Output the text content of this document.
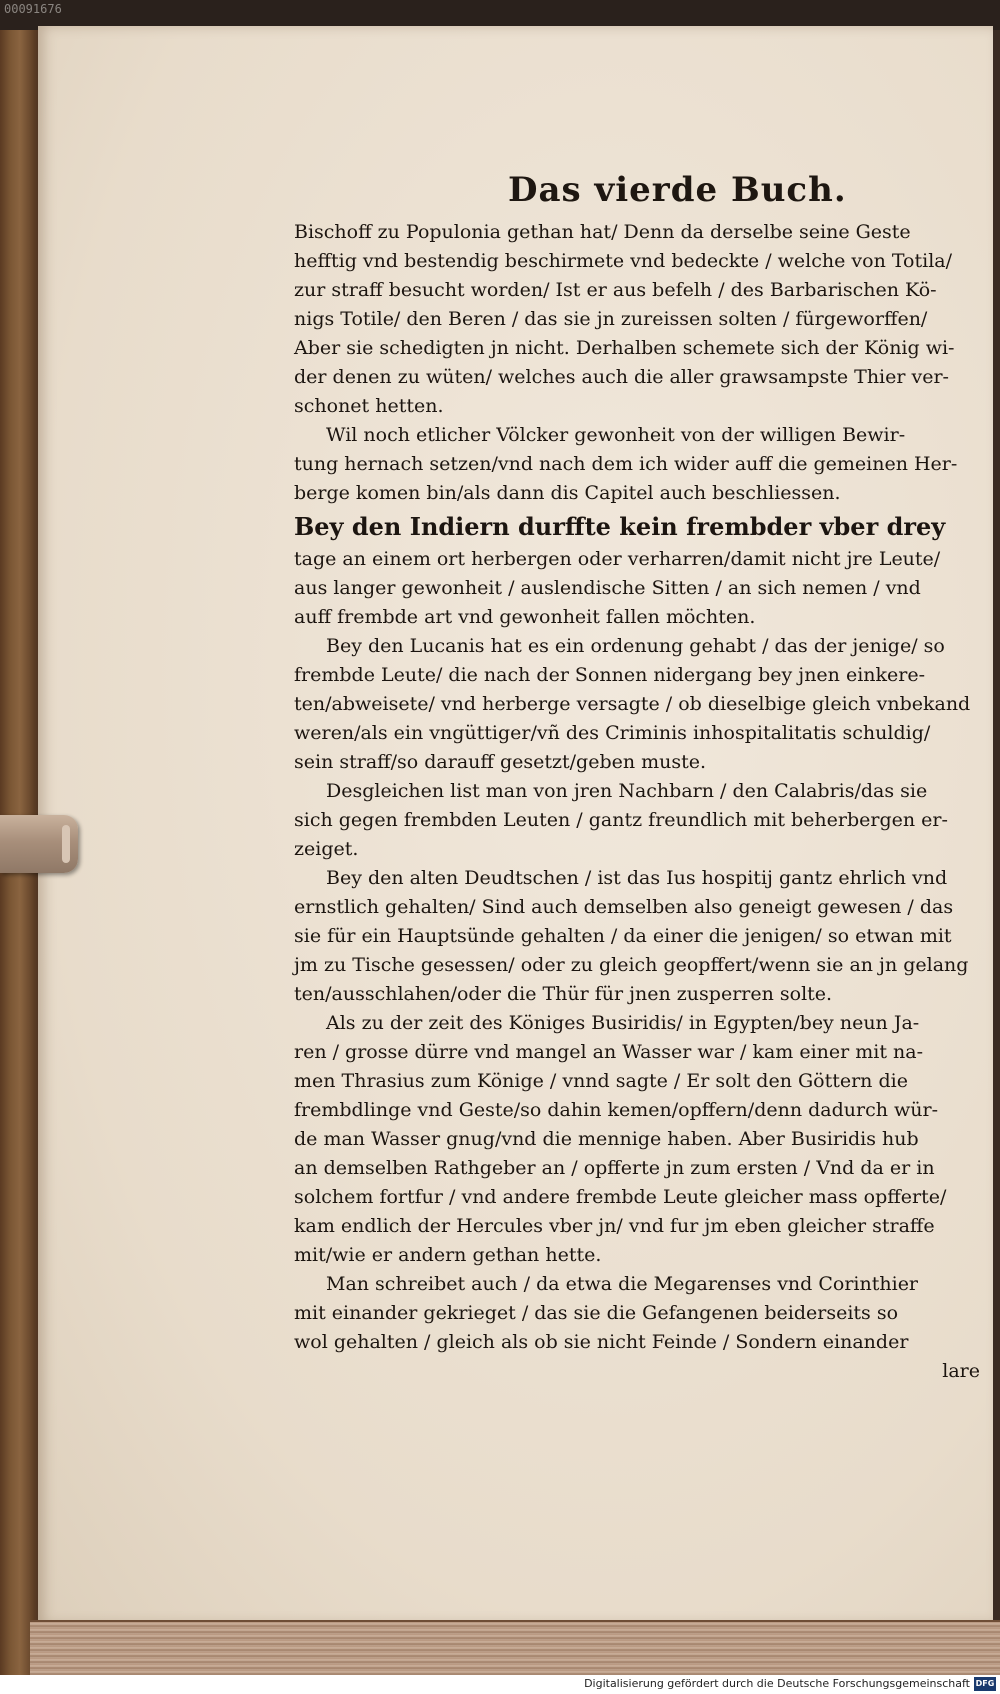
00091676
Das vierde Buch.
Bischoff zu Populonia gethan hat/ Denn da derselbe seine Geste
hefftig vnd bestendig beschirmete vnd bedeckte / welche von Totila/
zur straff besucht worden/ Ist er aus befelh / des Barbarischen Kö-
nigs Totile/ den Beren / das sie jn zureissen solten / fürgeworffen/
Aber sie schedigten jn nicht. Derhalben schemete sich der König wi-
der denen zu wüten/ welches auch die aller grawsampste Thier ver-
schonet hetten.
Wil noch etlicher Völcker gewonheit von der willigen Bewir-
tung hernach setzen/vnd nach dem ich wider auff die gemeinen Her-
berge komen bin/als dann dis Capitel auch beschliessen.
Bey den Indiern durffte kein frembder vber drey
tage an einem ort herbergen oder verharren/damit nicht jre Leute/
aus langer gewonheit / auslendische Sitten / an sich nemen / vnd
auff frembde art vnd gewonheit fallen möchten.
Bey den Lucanis hat es ein ordenung gehabt / das der jenige/ so
frembde Leute/ die nach der Sonnen nidergang bey jnen einkere-
ten/abweisete/ vnd herberge versagte / ob dieselbige gleich vnbekand
weren/als ein vngüttiger/vñ des Criminis inhospitalitatis schuldig/
sein straff/so darauff gesetzt/geben muste.
Desgleichen list man von jren Nachbarn / den Calabris/das sie
sich gegen frembden Leuten / gantz freundlich mit beherbergen er-
zeiget.
Bey den alten Deudtschen / ist das Ius hospitij gantz ehrlich vnd
ernstlich gehalten/ Sind auch demselben also geneigt gewesen / das
sie für ein Hauptsünde gehalten / da einer die jenigen/ so etwan mit
jm zu Tische gesessen/ oder zu gleich geopffert/wenn sie an jn gelang
ten/ausschlahen/oder die Thür für jnen zusperren solte.
Als zu der zeit des Königes Busiridis/ in Egypten/bey neun Ja-
ren / grosse dürre vnd mangel an Wasser war / kam einer mit na-
men Thrasius zum Könige / vnnd sagte / Er solt den Göttern die
frembdlinge vnd Geste/so dahin kemen/opffern/denn dadurch wür-
de man Wasser gnug/vnd die mennige haben. Aber Busiridis hub
an demselben Rathgeber an / opfferte jn zum ersten / Vnd da er in
solchem fortfur / vnd andere frembde Leute gleicher mass opfferte/
kam endlich der Hercules vber jn/ vnd fur jm eben gleicher straffe
mit/wie er andern gethan hette.
Man schreibet auch / da etwa die Megarenses vnd Corinthier
mit einander gekrieget / das sie die Gefangenen beiderseits so
wol gehalten / gleich als ob sie nicht Feinde / Sondern einander
lare
Digitalisierung gefördert durch die Deutsche Forschungsgemeinschaft DFG
